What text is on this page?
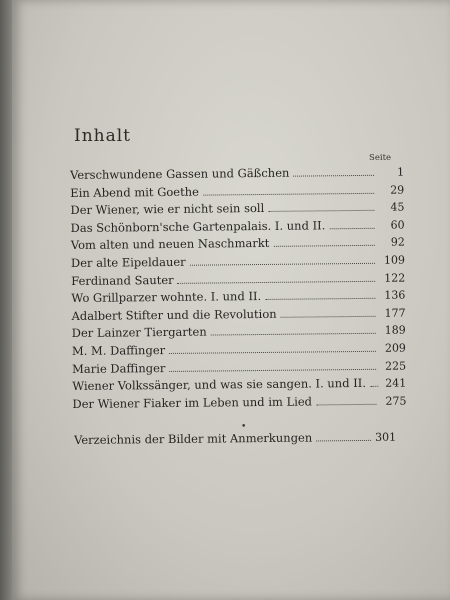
Inhalt
Seite
Verschwundene Gassen und Gäßchen	1
Ein Abend mit Goethe	29
Der Wiener, wie er nicht sein soll	45
Das Schönborn'sche Gartenpalais. I. und II.	60
Vom alten und neuen Naschmarkt	92
Der alte Eipeldauer	109
Ferdinand Sauter	122
Wo Grillparzer wohnte. I. und II.	136
Adalbert Stifter und die Revolution	177
Der Lainzer Tiergarten	189
M. M. Daffinger	209
Marie Daffinger	225
Wiener Volkssänger, und was sie sangen. I. und II.	241
Der Wiener Fiaker im Leben und im Lied	275
•
Verzeichnis der Bilder mit Anmerkungen	301
